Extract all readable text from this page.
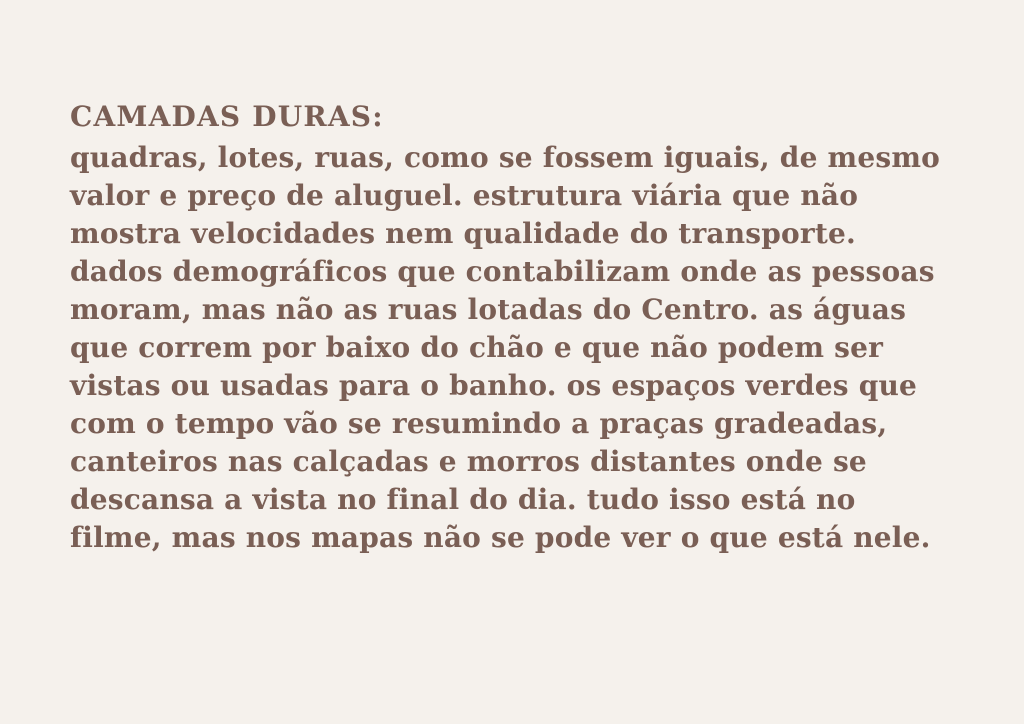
CAMADAS DURAS:
quadras, lotes, ruas, como se fossem iguais, de mesmo
valor e preço de aluguel. estrutura viária que não
mostra velocidades nem qualidade do transporte.
dados demográficos que contabilizam onde as pessoas
moram, mas não as ruas lotadas do Centro. as águas
que correm por baixo do chão e que não podem ser
vistas ou usadas para o banho. os espaços verdes que
com o tempo vão se resumindo a praças gradeadas,
canteiros nas calçadas e morros distantes onde se
descansa a vista no final do dia. tudo isso está no
filme, mas nos mapas não se pode ver o que está nele.
